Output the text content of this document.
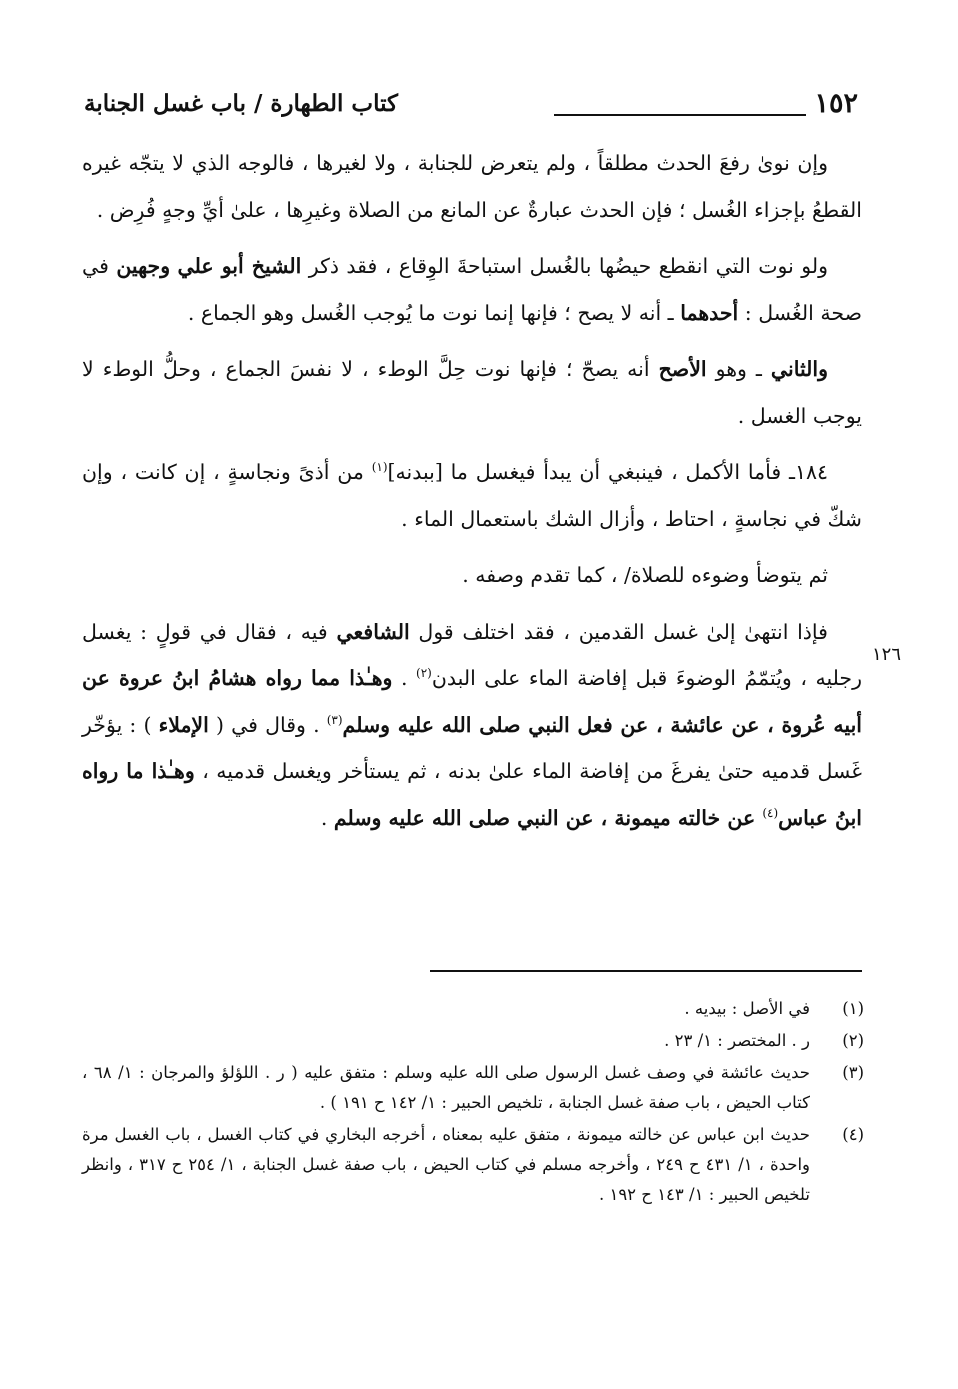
١٥٢
كتاب الطهارة / باب غسل الجنابة
١٢٦

وإن نوىٰ رفعَ الحدث مطلقاً ، ولم يتعرض للجنابة ، ولا لغيرها ، فالوجه الذي لا يتجّه غيره القطعُ بإجزاء الغُسل ؛ فإن الحدث عبارةٌ عن المانع من الصلاة وغيرِها ، علىٰ أيِّ وجهٍ فُرِض .

ولو نوت التي انقطع حيضُها بالغُسل استباحةَ الوِقاع ، فقد ذكر الشيخ أبو علي وجهين في صحة الغُسل : أحدهما ـ أنه لا يصح ؛ فإنها إنما نوت ما يُوجب الغُسل وهو الجماع .

والثاني ـ وهو الأصح أنه يصحّ ؛ فإنها نوت حِلَّ الوطء ، لا نفسَ الجماع ، وحلُّ الوطء لا يوجب الغسل .

١٨٤ـ فأما الأكمل ، فينبغي أن يبدأ فيغسل ما [ببدنه]$^{(١)}$ من أذىً ونجاسةٍ ، إن كانت ، وإن شكّ في نجاسةٍ ، احتاط ، وأزال الشك باستعمال الماء .

ثم يتوضأ وضوءه للصلاة/ ، كما تقدم وصفه .

فإذا انتهىٰ إلىٰ غسل القدمين ، فقد اختلف قول الشافعي فيه ، فقال في قولٍ : يغسل رجليه ، ويُتمّمُ الوضوءَ قبل إفاضة الماء على البدن$^{(٢)}$ . وهـٰذا مما رواه هشامُ ابنُ عروة عن أبيه عُروة ، عن عائشة ، عن فعل النبي صلى الله عليه وسلم$^{(٣)}$ . وقال في ( الإملاء ) : يؤخّر غَسل قدميه حتىٰ يفرغَ من إفاضة الماء علىٰ بدنه ، ثم يستأخر ويغسل قدميه ، وهـٰذا ما رواه ابنُ عباس$^{(٤)}$ عن خالته ميمونة ، عن النبي صلى الله عليه وسلم .

(١)
في الأصل : بيديه .
(٢)
ر . المختصر : ١/ ٢٣ .
(٣)
حديث عائشة في وصف غسل الرسول صلى الله عليه وسلم : متفق عليه ( ر . اللؤلؤ والمرجان : ١/ ٦٨ ، كتاب الحيض ، باب صفة غسل الجنابة ، تلخيص الحبير : ١/ ١٤٢ ح ١٩١ ) .
(٤)
حديث ابن عباس عن خالته ميمونة ، متفق عليه بمعناه ، أخرجه البخاري في كتاب الغسل ، باب الغسل مرة واحدة ، ١/ ٤٣١ ح ٢٤٩ ، وأخرجه مسلم في كتاب الحيض ، باب صفة غسل الجنابة ، ١/ ٢٥٤ ح ٣١٧ ، وانظر تلخيص الحبير : ١/ ١٤٣ ح ١٩٢ .
